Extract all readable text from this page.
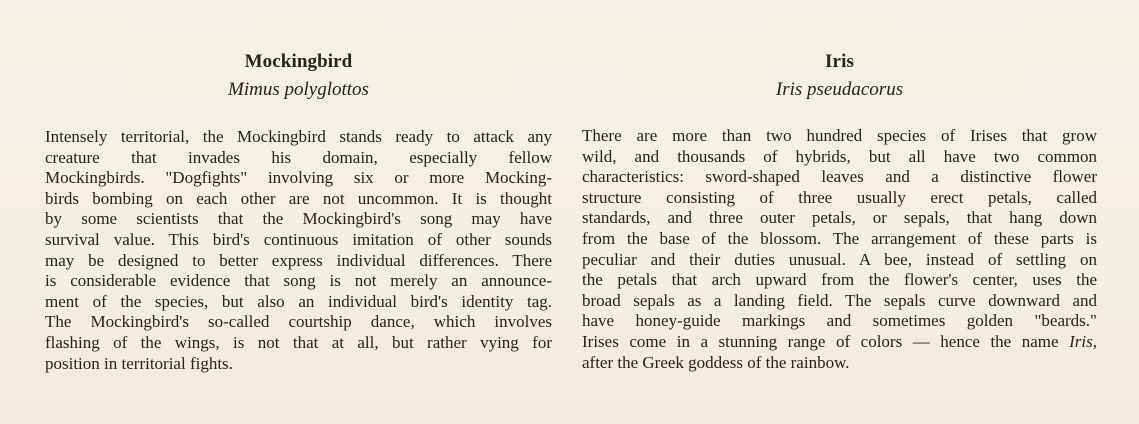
Mockingbird

Mimus polyglottos

Intensely territorial, the Mockingbird stands ready to attack any
creature that invades his domain, especially fellow
Mockingbirds. "Dogfights" involving six or more Mocking-
birds bombing on each other are not uncommon. It is thought
by some scientists that the Mockingbird's song may have
survival value. This bird's continuous imitation of other sounds
may be designed to better express individual differences. There
is considerable evidence that song is not merely an announce-
ment of the species, but also an individual bird's identity tag.
The Mockingbird's so-called courtship dance, which involves
flashing of the wings, is not that at all, but rather vying for
position in territorial fights.

Iris

Iris pseudacorus

There are more than two hundred species of Irises that grow
wild, and thousands of hybrids, but all have two common
characteristics: sword-shaped leaves and a distinctive flower
structure consisting of three usually erect petals, called
standards, and three outer petals, or sepals, that hang down
from the base of the blossom. The arrangement of these parts is
peculiar and their duties unusual. A bee, instead of settling on
the petals that arch upward from the flower's center, uses the
broad sepals as a landing field. The sepals curve downward and
have honey-guide markings and sometimes golden "beards."
Irises come in a stunning range of colors — hence the name Iris,
after the Greek goddess of the rainbow.
